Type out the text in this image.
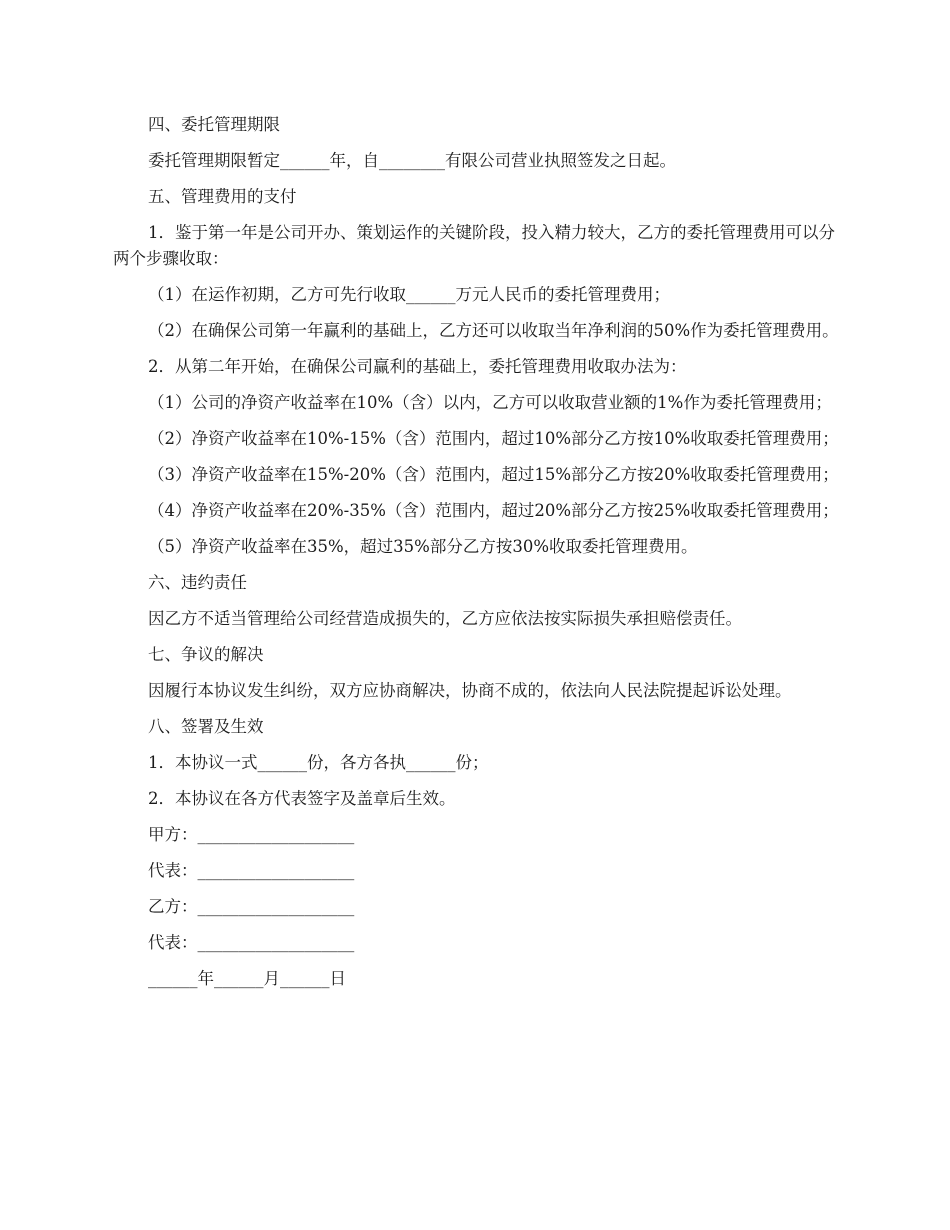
四、委托管理期限

委托管理期限暂定______年，自________有限公司营业执照签发之日起。

五、管理费用的支付

1．鉴于第一年是公司开办、策划运作的关键阶段，投入精力较大，乙方的委托管理费用可以分两个步骤收取：

（1）在运作初期，乙方可先行收取______万元人民币的委托管理费用；

（2）在确保公司第一年赢利的基础上，乙方还可以收取当年净利润的50%作为委托管理费用。

2．从第二年开始，在确保公司赢利的基础上，委托管理费用收取办法为：

（1）公司的净资产收益率在10%（含）以内，乙方可以收取营业额的1%作为委托管理费用；

（2）净资产收益率在10%-15%（含）范围内，超过10%部分乙方按10%收取委托管理费用；

（3）净资产收益率在15%-20%（含）范围内，超过15%部分乙方按20%收取委托管理费用；

（4）净资产收益率在20%-35%（含）范围内，超过20%部分乙方按25%收取委托管理费用；

（5）净资产收益率在35%，超过35%部分乙方按30%收取委托管理费用。

六、违约责任

因乙方不适当管理给公司经营造成损失的，乙方应依法按实际损失承担赔偿责任。

七、争议的解决

因履行本协议发生纠纷，双方应协商解决，协商不成的，依法向人民法院提起诉讼处理。

八、签署及生效

1．本协议一式______份，各方各执______份；

2．本协议在各方代表签字及盖章后生效。

甲方：___________________
代表：___________________
乙方：___________________
代表：___________________
______年______月______日
